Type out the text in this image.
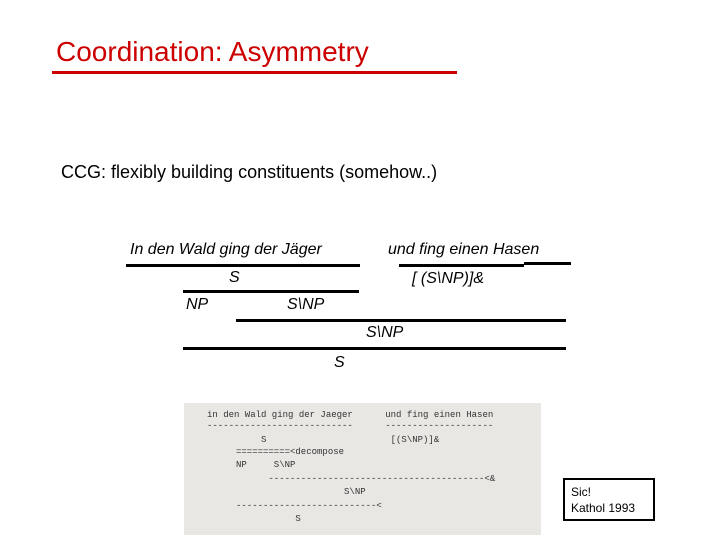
Coordination: Asymmetry
CCG: flexibly building constituents (somehow..)
In den Wald ging der Jäger	und fing einen Hasen
S	[ (S\NP)]&
NP	S\NP
S\NP
S
in den Wald ging der Jaeger      und fing einen Hasen
---------------------------      --------------------
S                       [(S\NP)]&
==========<decompose
NP     S\NP
----------------------------------------<&
S\NP
--------------------------<
S
Sic!
Kathol 1993
